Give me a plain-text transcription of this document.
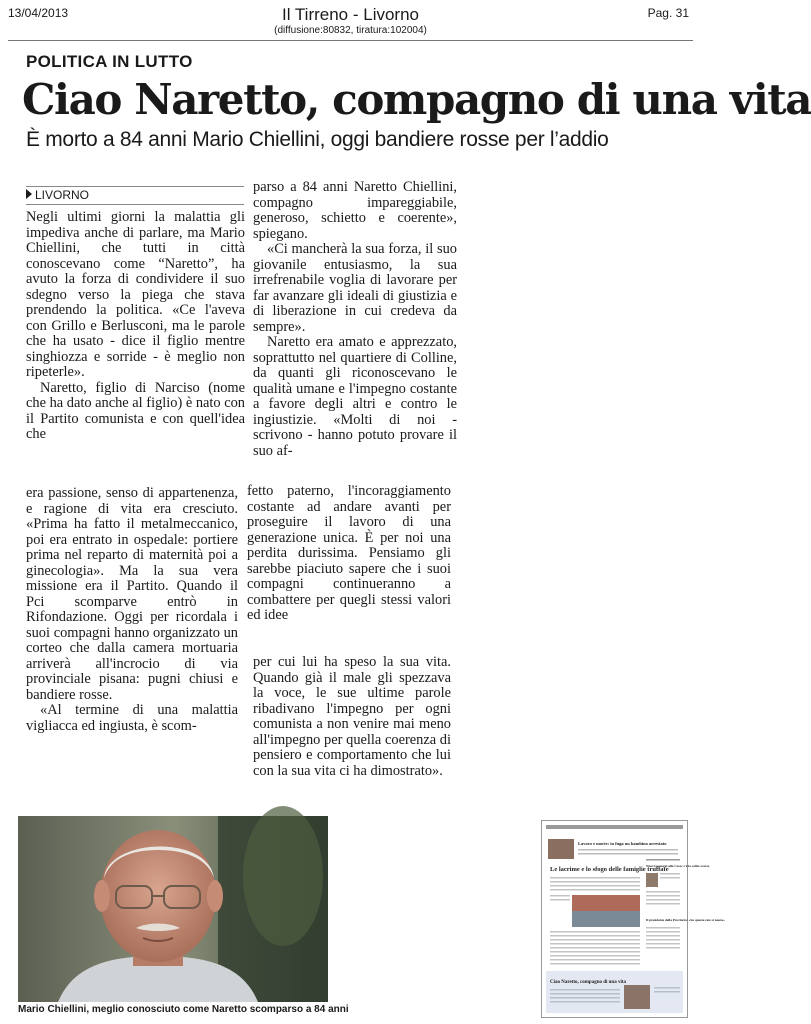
13/04/2013	Il Tirreno - Livorno
(diffusione:80832, tiratura:102004)
Pag. 31
POLITICA IN LUTTO
Ciao Naretto, compagno di una vita
È morto a 84 anni Mario Chiellini, oggi bandiere rosse per l’addio
LIVORNO

Negli ultimi giorni la malattia gli impediva anche di parlare, ma Mario Chiellini, che tutti in città conoscevano come “Naretto”, ha avuto la forza di condividere il suo sdegno verso la piega che stava prendendo la politica. «Ce l'aveva con Grillo e Berlusconi, ma le parole che ha usato - dice il figlio mentre singhiozza e sorride - è meglio non ripeterle».

Naretto, figlio di Narciso (nome che ha dato anche al figlio) è nato con il Partito comunista e con quell'idea che

parso a 84 anni Naretto Chiellini, compagno impareggiabile, generoso, schietto e coerente», spiegano.

«Ci mancherà la sua forza, il suo giovanile entusiasmo, la sua irrefrenabile voglia di lavorare per far avanzare gli ideali di giustizia e di liberazione in cui credeva da sempre».

Naretto era amato e apprezzato, soprattutto nel quartiere di Colline, da quanti gli riconoscevano le qualità umane e l'impegno costante a favore degli altri e contro le ingiustizie. «Molti di noi - scrivono - hanno potuto provare il suo af-

era passione, senso di appartenenza, e ragione di vita era cresciuto. «Prima ha fatto il metalmeccanico, poi era entrato in ospedale: portiere prima nel reparto di maternità poi a ginecologia». Ma la sua vera missione era il Partito. Quando il Pci scomparve entrò in Rifondazione. Oggi per ricordala i suoi compagni hanno organizzato un corteo che dalla camera mortuaria arriverà all'incrocio di via provinciale pisana: pugni chiusi e bandiere rosse.

«Al termine di una malattia vigliacca ed ingiusta, è scom-

fetto paterno, l'incoraggiamento costante ad andare avanti per proseguire il lavoro di una generazione unica. È per noi una perdita durissima. Pensiamo gli sarebbe piaciuto sapere che i suoi compagni continueranno a combattere per quegli stessi valori ed idee

per cui lui ha speso la sua vita. Quando già il male gli spezzava la voce, le sue ultime parole ribadivano l'impegno per ogni comunista a non venire mai meno all'impegno per quella coerenza di pensiero e comportamento che lui con la sua vita ci ha dimostrato».

Mario Chiellini, meglio conosciuto come Naretto scomparso a 84 anni
Lavoro e morte: in fuga un bambino arrestato
Le lacrime e lo sfogo delle famiglie truffate
Nuovi posteggi alla Casa: c'è la solita scarsa
Il presidente della Provincia: «Su questa rete si nuota»
Ciao Naretto, compagno di una vita
